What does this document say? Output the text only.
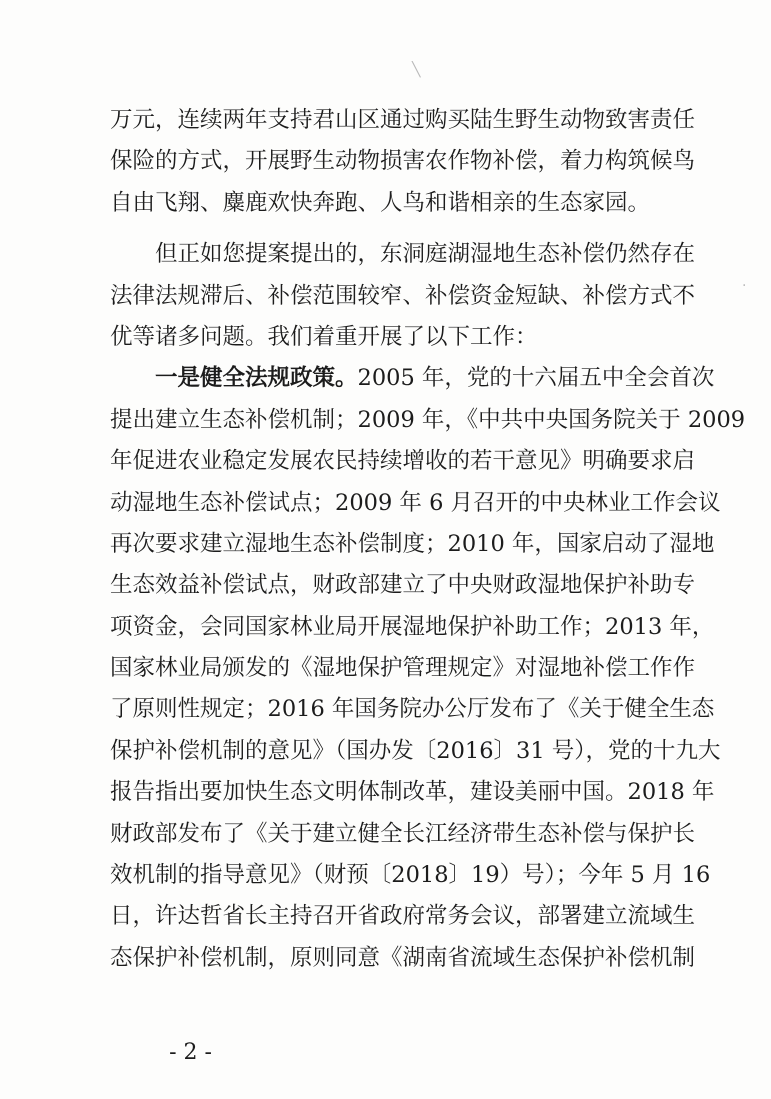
╲
·
万元，连续两年支持君山区通过购买陆生野生动物致害责任
保险的方式，开展野生动物损害农作物补偿，着力构筑候鸟
自由飞翔、麋鹿欢快奔跑、人鸟和谐相亲的生态家园。
但正如您提案提出的，东洞庭湖湿地生态补偿仍然存在
法律法规滞后、补偿范围较窄、补偿资金短缺、补偿方式不
优等诸多问题。我们着重开展了以下工作：
一是健全法规政策。2005 年，党的十六届五中全会首次
提出建立生态补偿机制；2009 年，《中共中央国务院关于 2009
年促进农业稳定发展农民持续增收的若干意见》明确要求启
动湿地生态补偿试点；2009 年 6 月召开的中央林业工作会议
再次要求建立湿地生态补偿制度；2010 年，国家启动了湿地
生态效益补偿试点，财政部建立了中央财政湿地保护补助专
项资金，会同国家林业局开展湿地保护补助工作；2013 年，
国家林业局颁发的《湿地保护管理规定》对湿地补偿工作作
了原则性规定；2016 年国务院办公厅发布了《关于健全生态
保护补偿机制的意见》（国办发〔2016〕31 号），党的十九大
报告指出要加快生态文明体制改革，建设美丽中国。2018 年
财政部发布了《关于建立健全长江经济带生态补偿与保护长
效机制的指导意见》（财预〔2018〕19）号）；今年 5 月 16
日，许达哲省长主持召开省政府常务会议，部署建立流域生
态保护补偿机制，原则同意《湖南省流域生态保护补偿机制
- 2 -
